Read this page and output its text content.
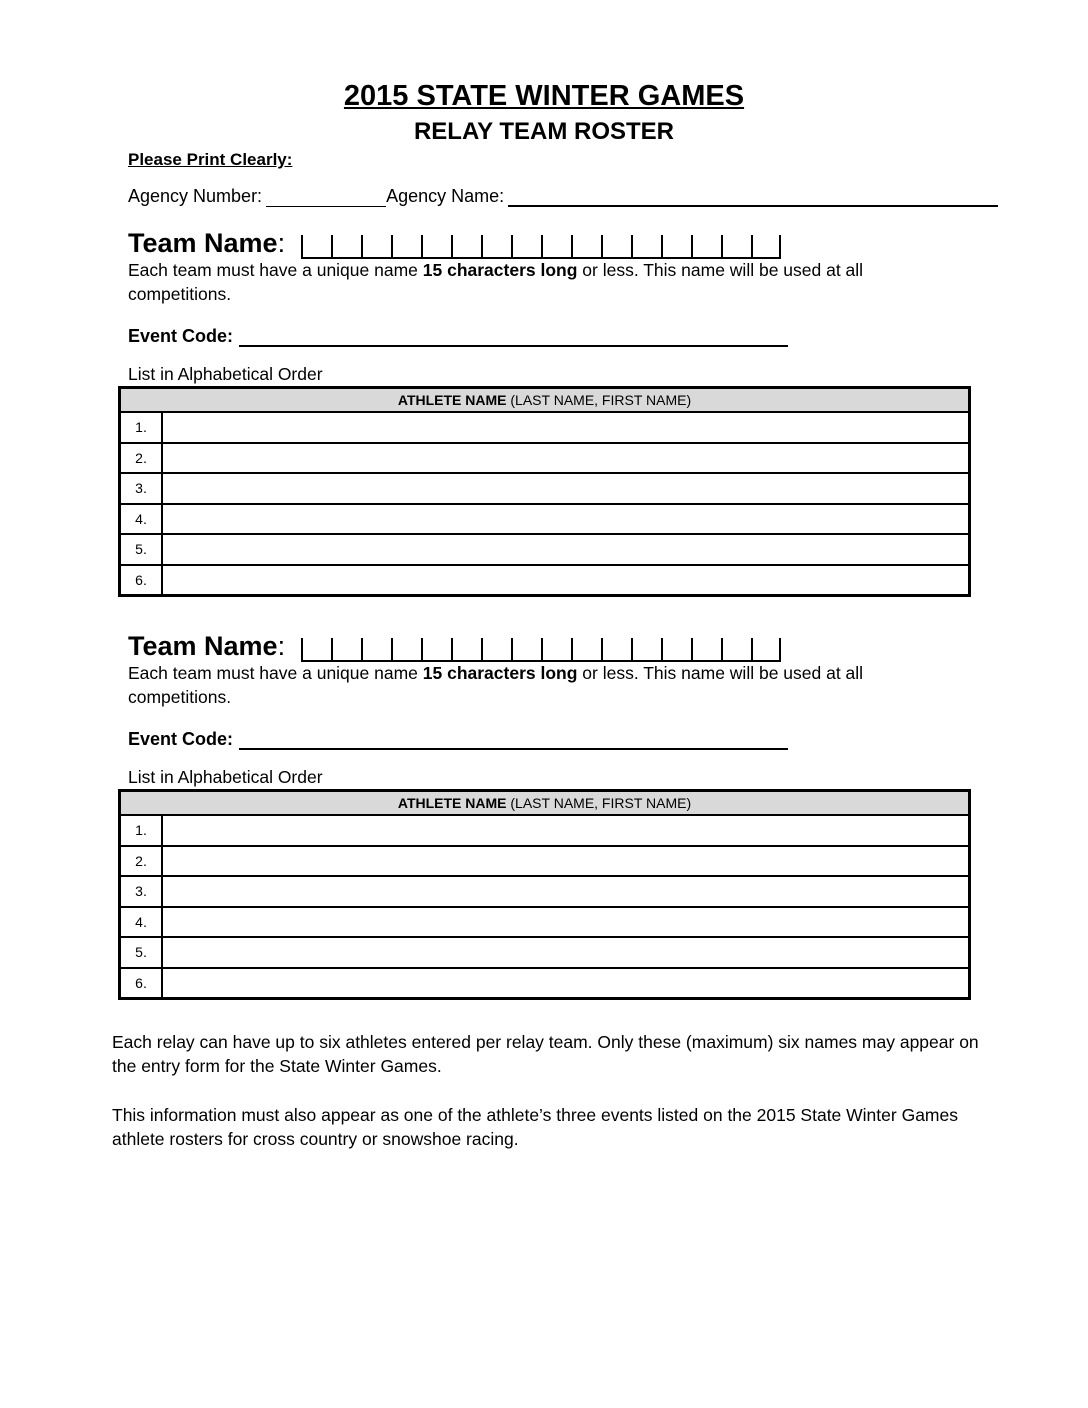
2015 STATE WINTER GAMES
RELAY TEAM ROSTER
Please Print Clearly:
Agency Number:	Agency Name:
Team Name:
Each team must have a unique name 15 characters long or less. This name will be used at all competitions.
Event Code:
List in Alphabetical Order
ATHLETE NAME (LAST NAME, FIRST NAME)	
1.	
2.	
3.	
4.	
5.	
6.	
Team Name:
Each team must have a unique name 15 characters long or less. This name will be used at all competitions.
Event Code:
List in Alphabetical Order
ATHLETE NAME (LAST NAME, FIRST NAME)	
1.	
2.	
3.	
4.	
5.	
6.	

Each relay can have up to six athletes entered per relay team. Only these (maximum) six names may appear on the entry form for the State Winter Games.

This information must also appear as one of the athlete’s three events listed on the 2015 State Winter Games athlete rosters for cross country or snowshoe racing.
